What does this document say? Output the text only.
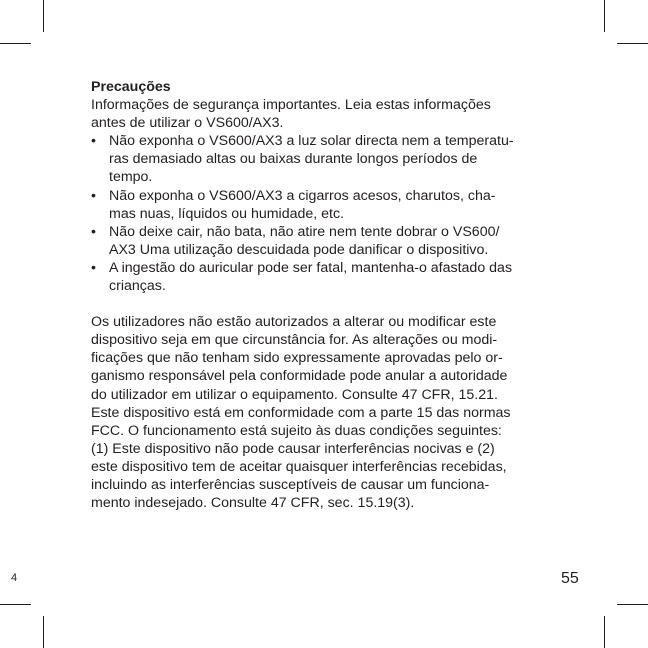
Precauções

Informações de segurança importantes. Leia estas informações
antes de utilizar o VS600/AX3.

• Não exponha o VS600/AX3 a luz solar directa nem a temperatu-
ras demasiado altas ou baixas durante longos períodos de
tempo.
• Não exponha o VS600/AX3 a cigarros acesos, charutos, cha-
mas nuas, líquidos ou humidade, etc.
• Não deixe cair, não bata, não atire nem tente dobrar o VS600/
AX3 Uma utilização descuidada pode danificar o dispositivo.
• A ingestão do auricular pode ser fatal, mantenha-o afastado das
crianças.

Os utilizadores não estão autorizados a alterar ou modificar este

dispositivo seja em que circunstância for. As alterações ou modi-

ficações que não tenham sido expressamente aprovadas pelo or-

ganismo responsável pela conformidade pode anular a autoridade

do utilizador em utilizar o equipamento. Consulte 47 CFR, 15.21.

Este dispositivo está em conformidade com a parte 15 das normas

FCC. O funcionamento está sujeito às duas condições seguintes:

(1) Este dispositivo não pode causar interferências nocivas e (2)

este dispositivo tem de aceitar quaisquer interferências recebidas,

incluindo as interferências susceptíveis de causar um funciona-

mento indesejado. Consulte 47 CFR, sec. 15.19(3).

4	55
